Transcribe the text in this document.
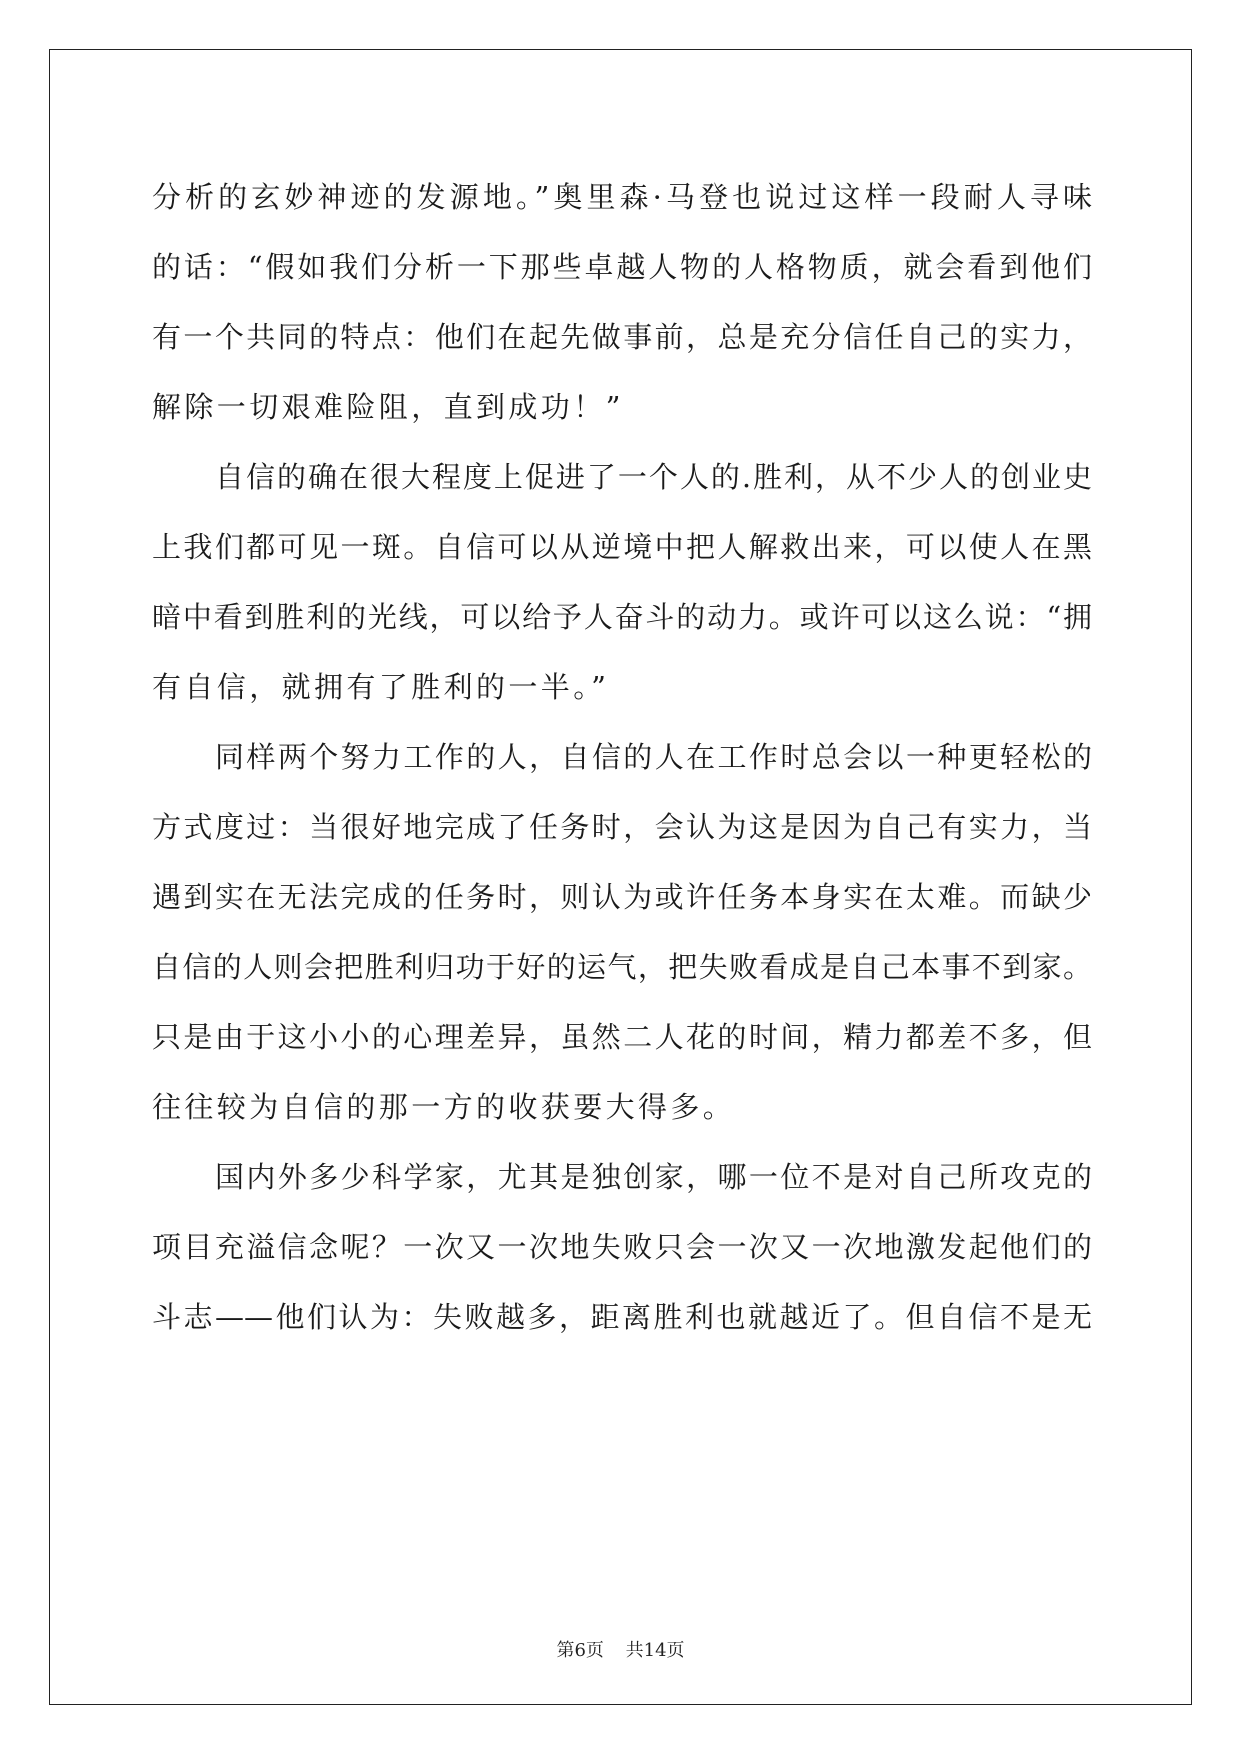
分析的玄妙神迹的发源地。”奥里森·马登也说过这样一段耐人寻味
的话：“假如我们分析一下那些卓越人物的人格物质，就会看到他们
有一个共同的特点：他们在起先做事前，总是充分信任自己的实力，
解除一切艰难险阻，直到成功！”
自信的确在很大程度上促进了一个人的.胜利，从不少人的创业史
上我们都可见一斑。自信可以从逆境中把人解救出来，可以使人在黑
暗中看到胜利的光线，可以给予人奋斗的动力。或许可以这么说：“拥
有自信，就拥有了胜利的一半。”
同样两个努力工作的人，自信的人在工作时总会以一种更轻松的
方式度过：当很好地完成了任务时，会认为这是因为自己有实力，当
遇到实在无法完成的任务时，则认为或许任务本身实在太难。而缺少
自信的人则会把胜利归功于好的运气，把失败看成是自己本事不到家。
只是由于这小小的心理差异，虽然二人花的时间，精力都差不多，但
往往较为自信的那一方的收获要大得多。
国内外多少科学家，尤其是独创家，哪一位不是对自己所攻克的
项目充溢信念呢？一次又一次地失败只会一次又一次地激发起他们的
斗志——他们认为：失败越多，距离胜利也就越近了。但自信不是无
第6页 共14页
